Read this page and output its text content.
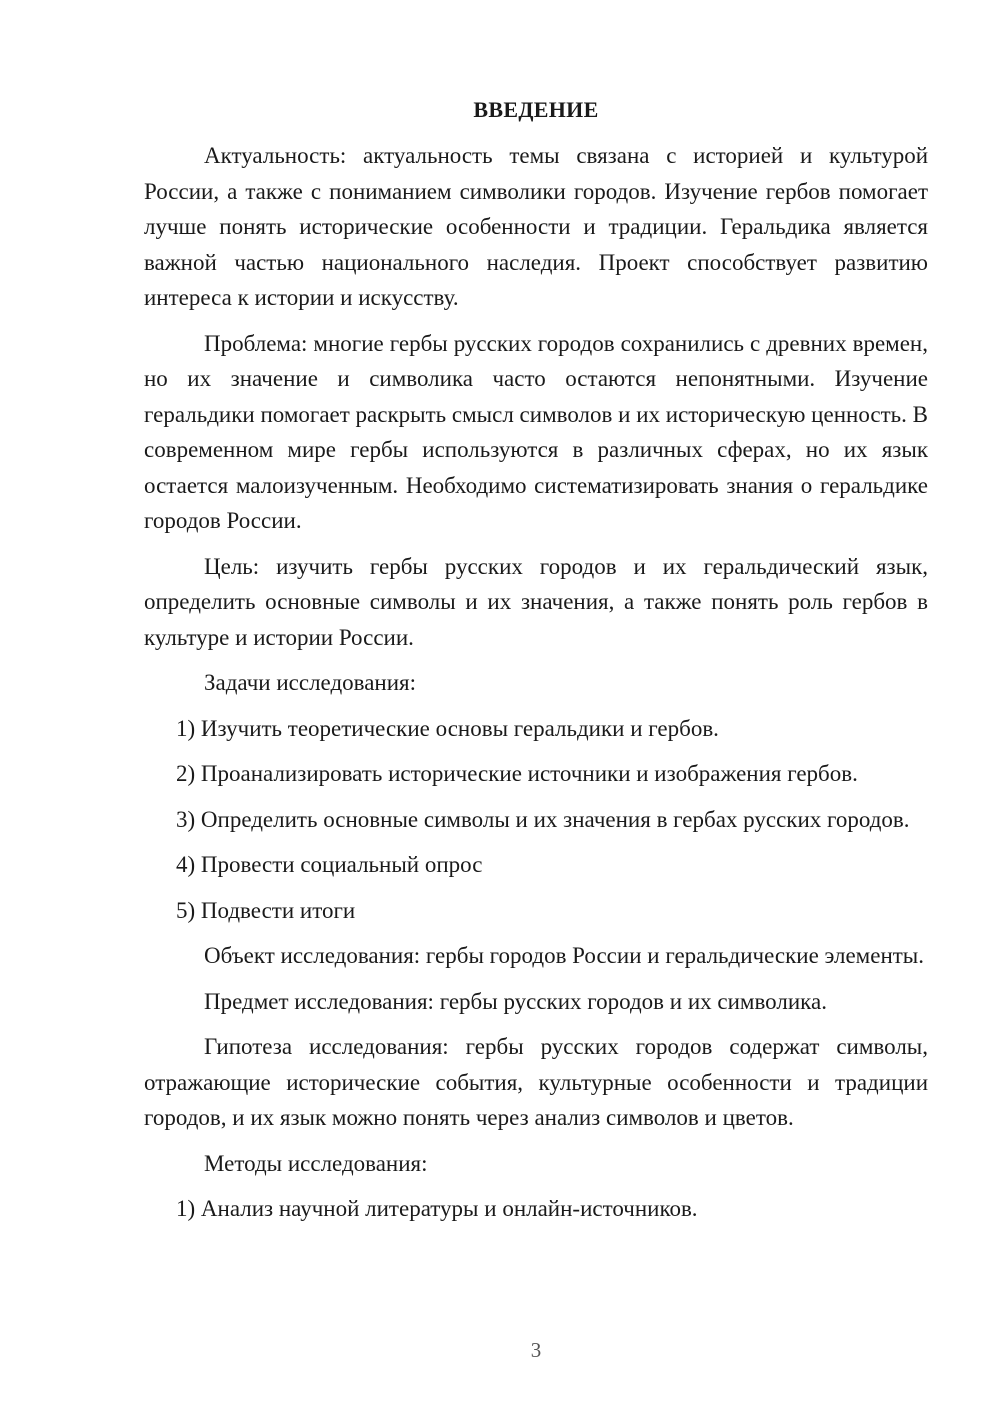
ВВЕДЕНИЕ

Актуальность: актуальность темы связана с историей и культурой России, а также с пониманием символики городов. Изучение гербов помогает лучше понять исторические особенности и традиции. Геральдика является важной частью национального наследия. Проект способствует развитию интереса к истории и искусству.

Проблема: многие гербы русских городов сохранились с древних времен, но их значение и символика часто остаются непонятными. Изучение геральдики помогает раскрыть смысл символов и их историческую ценность. В современном мире гербы используются в различных сферах, но их язык остается малоизученным. Необходимо систематизировать знания о геральдике городов России.

Цель: изучить гербы русских городов и их геральдический язык, определить основные символы и их значения, а также понять роль гербов в культуре и истории России.

Задачи исследования:

1) Изучить теоретические основы геральдики и гербов.

2) Проанализировать исторические источники и изображения гербов.

3) Определить основные символы и их значения в гербах русских городов.

4) Провести социальный опрос

5) Подвести итоги

Объект исследования: гербы городов России и геральдические элементы.

Предмет исследования: гербы русских городов и их символика.

Гипотеза исследования: гербы русских городов содержат символы, отражающие исторические события, культурные особенности и традиции городов, и их язык можно понять через анализ символов и цветов.

Методы исследования:

1) Анализ научной литературы и онлайн-источников.

3
